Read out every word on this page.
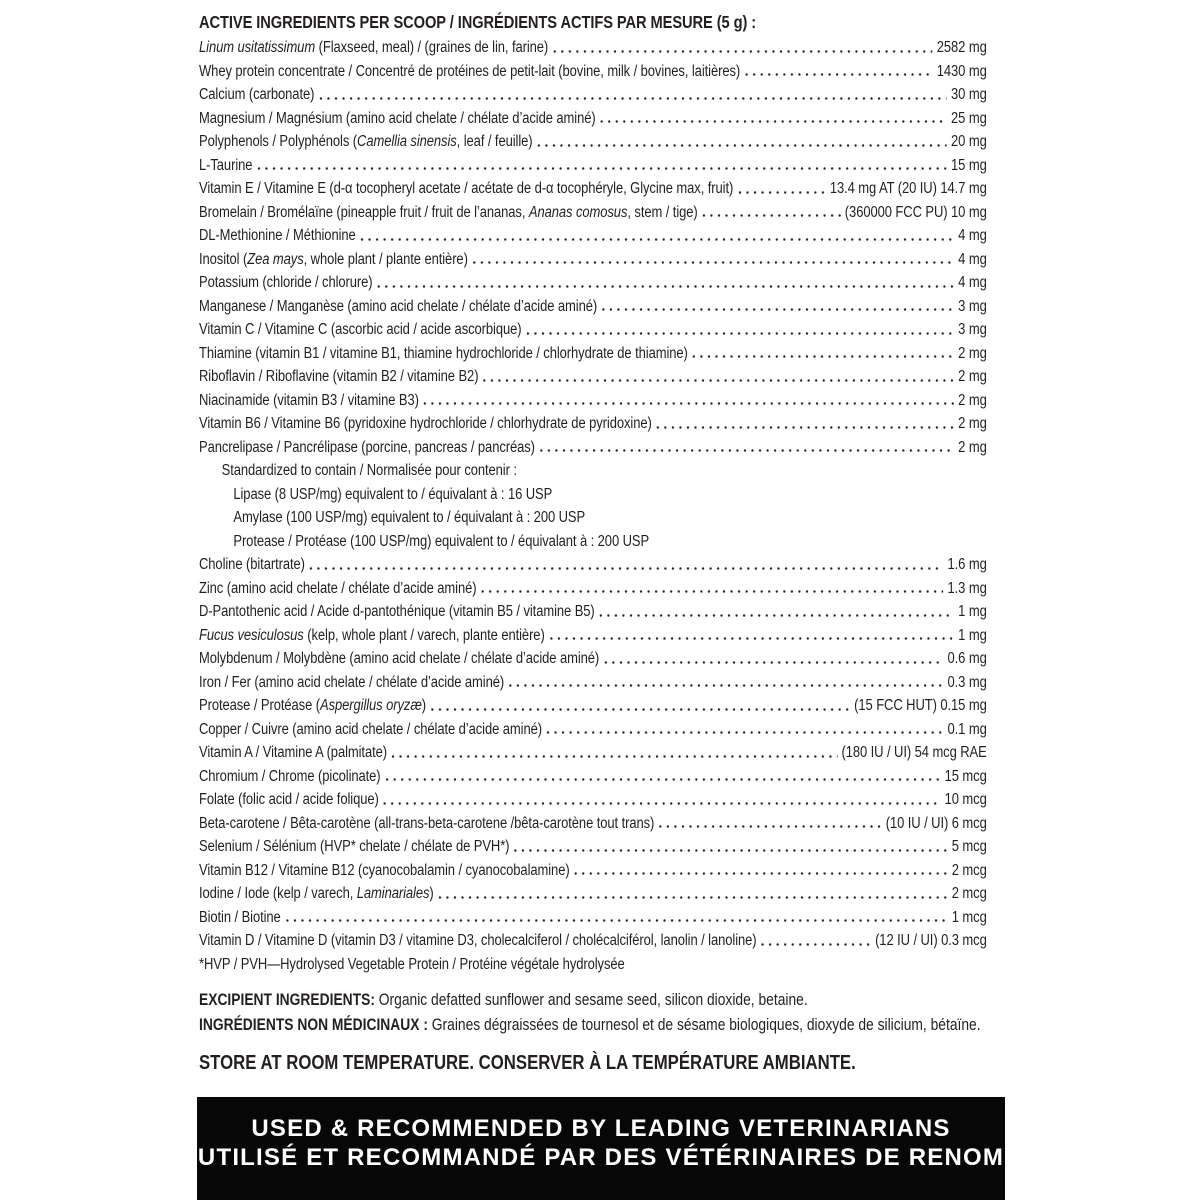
ACTIVE INGREDIENTS PER SCOOP / INGRÉDIENTS ACTIFS PAR MESURE (5 g) :
Linum usitatissimum (Flaxseed, meal) / (graines de lin, farine)	2582 mg
Whey protein concentrate / Concentré de protéines de petit-lait (bovine, milk / bovines, laitières)	1430 mg
Calcium (carbonate)	30 mg
Magnesium / Magnésium (amino acid chelate / chélate d’acide aminé)	25 mg
Polyphenols / Polyphénols (Camellia sinensis, leaf / feuille)	20 mg
L-Taurine	15 mg
Vitamin E / Vitamine E (d-α tocopheryl acetate / acétate de d-α tocophéryle, Glycine max, fruit)	13.4 mg AT (20 IU) 14.7 mg
Bromelain / Bromélaïne (pineapple fruit / fruit de l’ananas, Ananas comosus, stem / tige)	(360000 FCC PU) 10 mg
DL-Methionine / Méthionine	4 mg
Inositol (Zea mays, whole plant / plante entière)	4 mg
Potassium (chloride / chlorure)	4 mg
Manganese / Manganèse (amino acid chelate / chélate d’acide aminé)	3 mg
Vitamin C / Vitamine C (ascorbic acid / acide ascorbique)	3 mg
Thiamine (vitamin B1 / vitamine B1, thiamine hydrochloride / chlorhydrate de thiamine)	2 mg
Riboflavin / Riboflavine (vitamin B2 / vitamine B2)	2 mg
Niacinamide (vitamin B3 / vitamine B3)	2 mg
Vitamin B6 / Vitamine B6 (pyridoxine hydrochloride / chlorhydrate de pyridoxine)	2 mg
Pancrelipase / Pancrélipase (porcine, pancreas / pancréas)	2 mg
Standardized to contain / Normalisée pour contenir :
Lipase (8 USP/mg) equivalent to / équivalant à : 16 USP
Amylase (100 USP/mg) equivalent to / équivalant à : 200 USP
Protease / Protéase (100 USP/mg) equivalent to / équivalant à : 200 USP
Choline (bitartrate)	1.6 mg
Zinc (amino acid chelate / chélate d’acide aminé)	1.3 mg
D-Pantothenic acid / Acide d-pantothénique (vitamin B5 / vitamine B5)	1 mg
Fucus vesiculosus (kelp, whole plant / varech, plante entière)	1 mg
Molybdenum / Molybdène (amino acid chelate / chélate d’acide aminé)	0.6 mg
Iron / Fer (amino acid chelate / chélate d’acide aminé)	0.3 mg
Protease / Protéase (Aspergillus oryzæ)	(15 FCC HUT) 0.15 mg
Copper / Cuivre (amino acid chelate / chélate d’acide aminé)	0.1 mg
Vitamin A / Vitamine A (palmitate)	(180 IU / UI) 54 mcg RAE
Chromium / Chrome (picolinate)	15 mcg
Folate (folic acid / acide folique)	10 mcg
Beta-carotene / Bêta-carotène (all-trans-beta-carotene /bêta-carotène tout trans)	(10 IU / UI) 6 mcg
Selenium / Sélénium (HVP* chelate / chélate de PVH*)	5 mcg
Vitamin B12 / Vitamine B12 (cyanocobalamin / cyanocobalamine)	2 mcg
Iodine / Iode (kelp / varech, Laminariales)	2 mcg
Biotin / Biotine	1 mcg
Vitamin D / Vitamine D (vitamin D3 / vitamine D3, cholecalciferol / cholécalciférol, lanolin / lanoline)	(12 IU / UI) 0.3 mcg
*HVP / PVH—Hydrolysed Vegetable Protein / Protéine végétale hydrolysée
EXCIPIENT INGREDIENTS: Organic defatted sunflower and sesame seed, silicon dioxide, betaine.
INGRÉDIENTS NON MÉDICINAUX : Graines dégraissées de tournesol et de sésame biologiques, dioxyde de silicium, bétaïne.
STORE AT ROOM TEMPERATURE. CONSERVER À LA TEMPÉRATURE AMBIANTE.
USED & RECOMMENDED BY LEADING VETERINARIANS
UTILISÉ ET RECOMMANDÉ PAR DES VÉTÉRINAIRES DE RENOM
